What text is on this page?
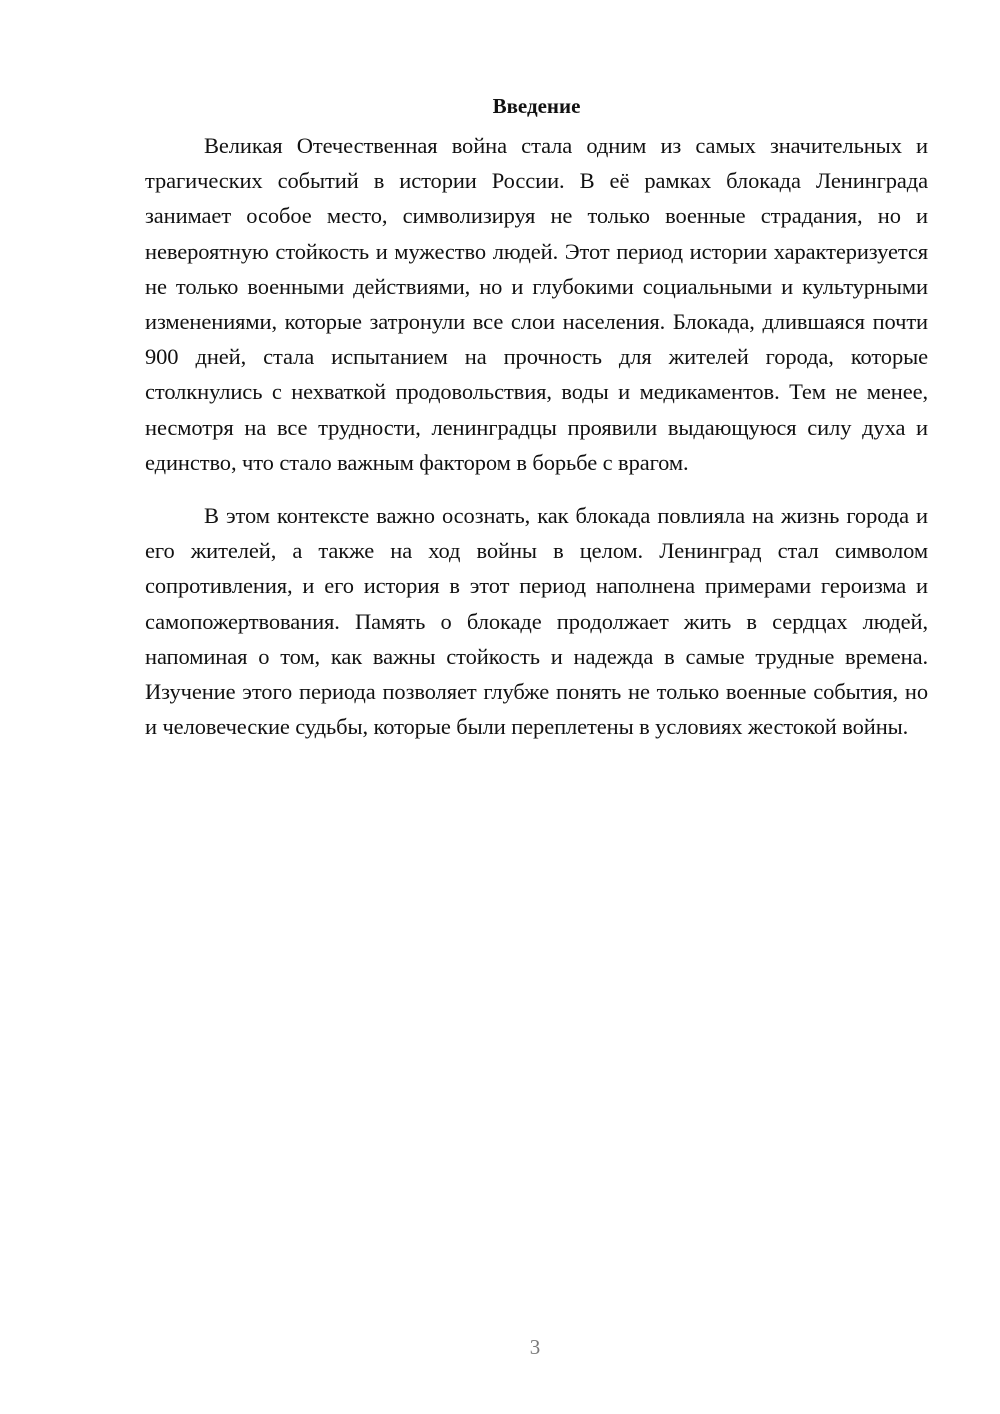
Введение

Великая Отечественная война стала одним из самых значительных и трагических событий в истории России. В её рамках блокада Ленинграда занимает особое место, символизируя не только военные страдания, но и невероятную стойкость и мужество людей. Этот период истории характеризуется не только военными действиями, но и глубокими социальными и культурными изменениями, которые затронули все слои населения. Блокада, длившаяся почти 900 дней, стала испытанием на прочность для жителей города, которые столкнулись с нехваткой продовольствия, воды и медикаментов. Тем не менее, несмотря на все трудности, ленинградцы проявили выдающуюся силу духа и единство, что стало важным фактором в борьбе с врагом.

В этом контексте важно осознать, как блокада повлияла на жизнь города и его жителей, а также на ход войны в целом. Ленинград стал символом сопротивления, и его история в этот период наполнена примерами героизма и самопожертвования. Память о блокаде продолжает жить в сердцах людей, напоминая о том, как важны стойкость и надежда в самые трудные времена. Изучение этого периода позволяет глубже понять не только военные события, но и человеческие судьбы, которые были переплетены в условиях жестокой войны.

3
